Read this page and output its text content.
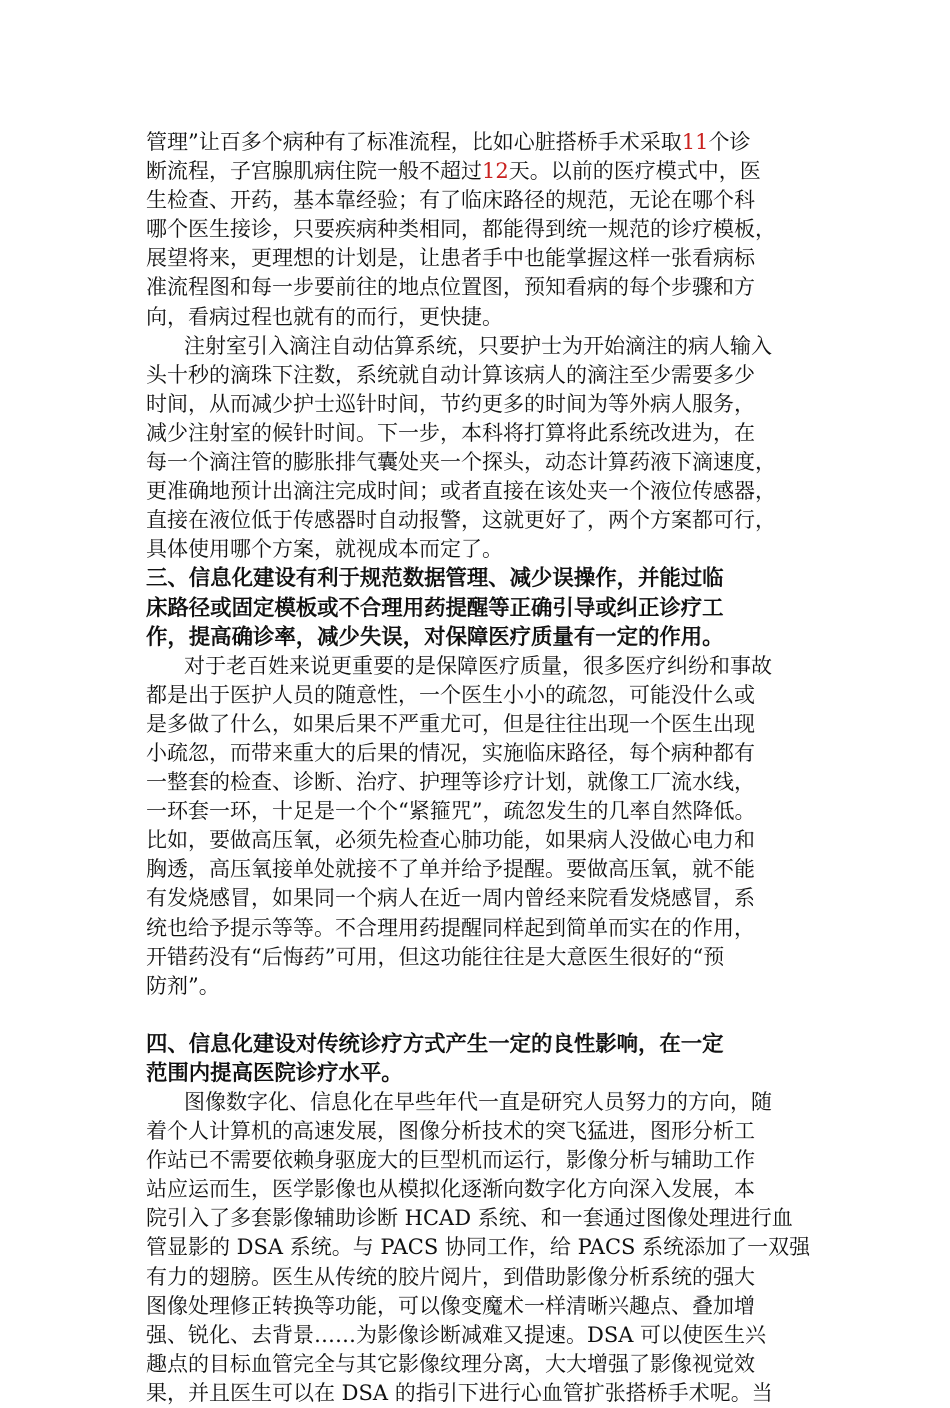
管理”让百多个病种有了标准流程，比如心脏搭桥手术采取11个诊
断流程，子宫腺肌病住院一般不超过12天。以前的医疗模式中，医
生检查、开药，基本靠经验；有了临床路径的规范，无论在哪个科
哪个医生接诊，只要疾病种类相同，都能得到统一规范的诊疗模板，
展望将来，更理想的计划是，让患者手中也能掌握这样一张看病标
准流程图和每一步要前往的地点位置图，预知看病的每个步骤和方
向，看病过程也就有的而行，更快捷。
注射室引入滴注自动估算系统，只要护士为开始滴注的病人输入
头十秒的滴珠下注数，系统就自动计算该病人的滴注至少需要多少
时间，从而减少护士巡针时间，节约更多的时间为等外病人服务，
减少注射室的候针时间。下一步，本科将打算将此系统改进为，在
每一个滴注管的膨胀排气囊处夹一个探头，动态计算药液下滴速度，
更准确地预计出滴注完成时间；或者直接在该处夹一个液位传感器，
直接在液位低于传感器时自动报警，这就更好了，两个方案都可行，
具体使用哪个方案，就视成本而定了。
三、信息化建设有利于规范数据管理、减少误操作，并能过临
床路径或固定模板或不合理用药提醒等正确引导或纠正诊疗工
作，提高确诊率，减少失误，对保障医疗质量有一定的作用。
对于老百姓来说更重要的是保障医疗质量，很多医疗纠纷和事故
都是出于医护人员的随意性，一个医生小小的疏忽，可能没什么或
是多做了什么，如果后果不严重尤可，但是往往出现一个医生出现
小疏忽，而带来重大的后果的情况，实施临床路径，每个病种都有
一整套的检查、诊断、治疗、护理等诊疗计划，就像工厂流水线，
一环套一环，十足是一个个“紧箍咒”，疏忽发生的几率自然降低。
比如，要做高压氧，必须先检查心肺功能，如果病人没做心电力和
胸透，高压氧接单处就接不了单并给予提醒。要做高压氧，就不能
有发烧感冒，如果同一个病人在近一周内曾经来院看发烧感冒，系
统也给予提示等等。不合理用药提醒同样起到简单而实在的作用，
开错药没有“后悔药”可用，但这功能往往是大意医生很好的“预
防剂”。
四、信息化建设对传统诊疗方式产生一定的良性影响，在一定
范围内提高医院诊疗水平。
图像数字化、信息化在早些年代一直是研究人员努力的方向，随
着个人计算机的高速发展，图像分析技术的突飞猛进，图形分析工
作站已不需要依赖身驱庞大的巨型机而运行，影像分析与辅助工作
站应运而生，医学影像也从模拟化逐渐向数字化方向深入发展，本
院引入了多套影像辅助诊断 HCAD 系统、和一套通过图像处理进行血
管显影的 DSA 系统。与 PACS 协同工作，给 PACS 系统添加了一双强
有力的翅膀。医生从传统的胶片阅片，到借助影像分析系统的强大
图像处理修正转换等功能，可以像变魔术一样清晰兴趣点、叠加增
强、锐化、去背景……为影像诊断减难又提速。DSA 可以使医生兴
趣点的目标血管完全与其它影像纹理分离，大大增强了影像视觉效
果，并且医生可以在 DSA 的指引下进行心血管扩张搭桥手术呢。当
